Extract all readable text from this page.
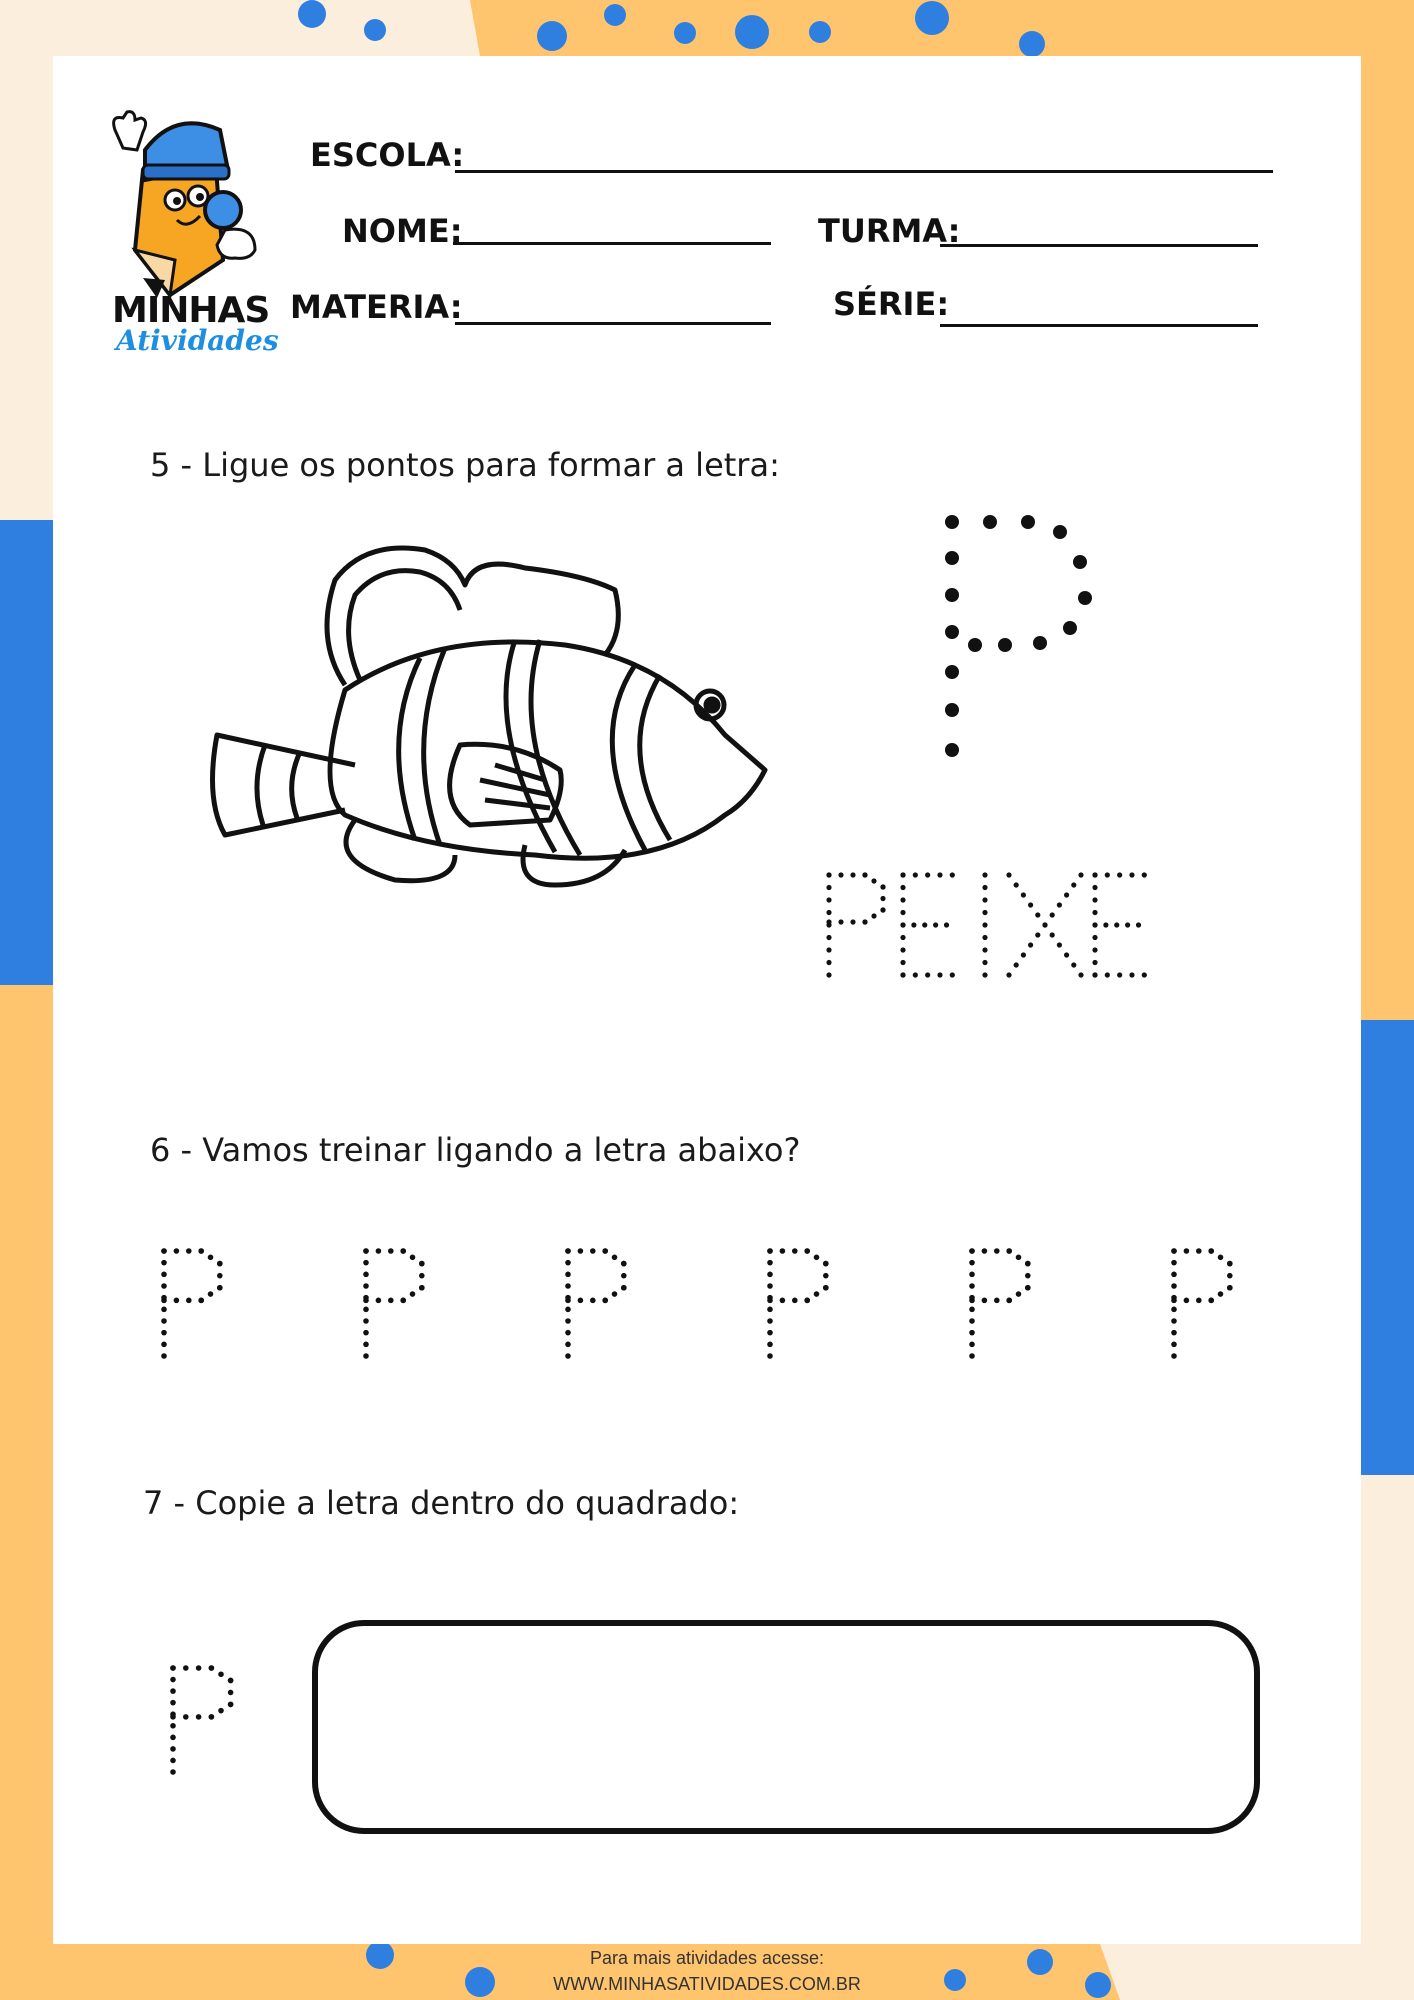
MINHAS
Atividades
ESCOLA:
NOME:	TURMA:
MATERIA:	SÉRIE:
5 - Ligue os pontos para formar a letra:
6 - Vamos treinar ligando a letra abaixo?
7 - Copie a letra dentro do quadrado:
Para mais atividades acesse:
WWW.MINHASATIVIDADES.COM.BR
